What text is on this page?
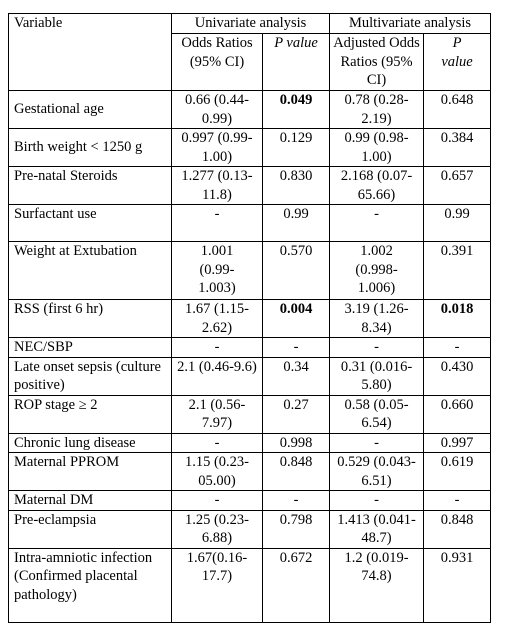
Variable	Univariate analysis		Multivariate analysis	
	Odds Ratios (95% CI)	P value	Adjusted Odds Ratios (95% CI)	P value
Gestational age	0.66 (0.44-0.99)	0.049	0.78 (0.28-2.19)	0.648
Birth weight < 1250 g	0.997 (0.99-1.00)	0.129	0.99 (0.98-1.00)	0.384
Pre-natal Steroids	1.277 (0.13-11.8)	0.830	2.168 (0.07-65.66)	0.657
Surfactant use	-	0.99	-	0.99
Weight at Extubation	1.001 (0.99-1.003)	0.570	1.002 (0.998-1.006)	0.391
RSS (first 6 hr)	1.67 (1.15-2.62)	0.004	3.19 (1.26-8.34)	0.018
NEC/SBP	-	-	-	-
Late onset sepsis (culture positive)	2.1 (0.46-9.6)	0.34	0.31 (0.016-5.80)	0.430
ROP stage ≥ 2	2.1 (0.56-7.97)	0.27	0.58 (0.05-6.54)	0.660
Chronic lung disease	-	0.998	-	0.997
Maternal PPROM	1.15 (0.23-05.00)	0.848	0.529 (0.043-6.51)	0.619
Maternal DM	-	-	-	-
Pre-eclampsia	1.25 (0.23-6.88)	0.798	1.413 (0.041-48.7)	0.848
Intra-amniotic infection (Confirmed placental pathology)	1.67(0.16-17.7)	0.672	1.2 (0.019-74.8)	0.931
